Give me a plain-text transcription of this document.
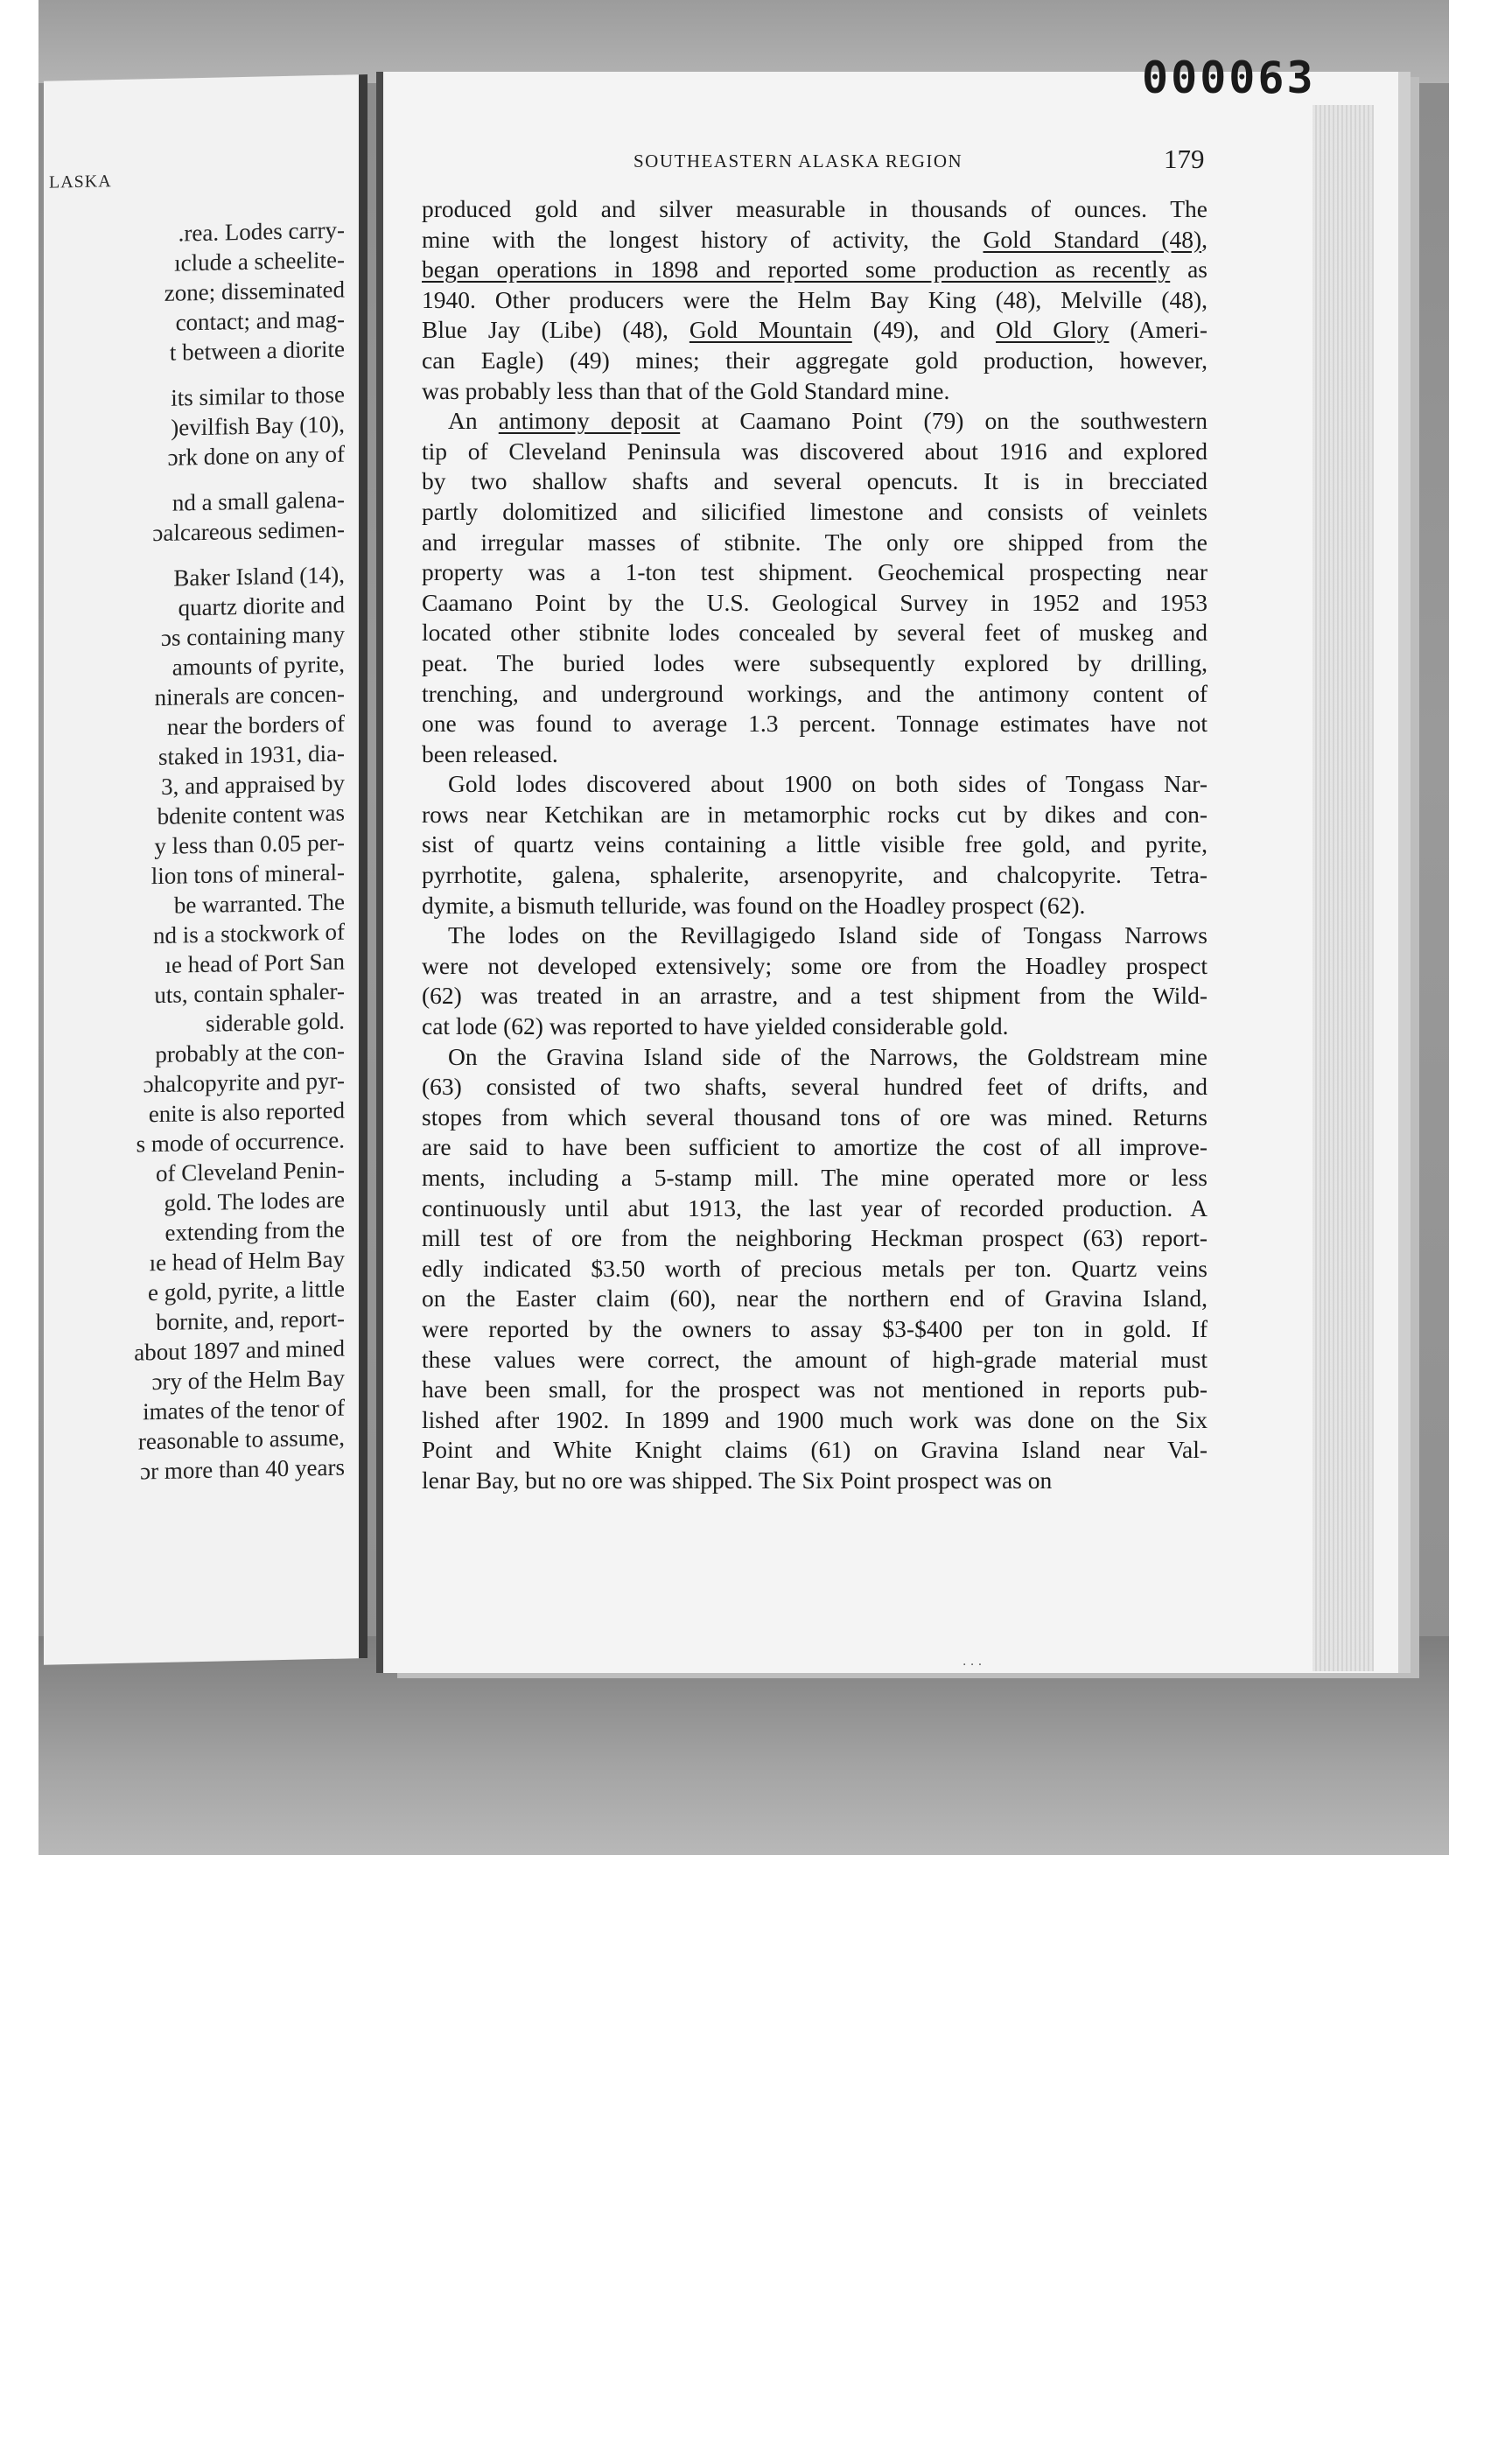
LASKA
.rea. Lodes carry-
ıclude a scheelite-
zone; disseminated
contact; and mag-
t between a diorite
its similar to those
)evilfish Bay (10),
ɔrk done on any of
nd a small galena-
ɔalcareous sedimen-
Baker Island (14),
quartz diorite and
ɔs containing many
amounts of pyrite,
ninerals are concen-
near the borders of
staked in 1931, dia-
3, and appraised by
bdenite content was
y less than 0.05 per-
lion tons of mineral-
be warranted. The
nd is a stockwork of
ıe head of Port San
uts, contain sphaler-
siderable gold.
probably at the con-
ɔhalcopyrite and pyr-
enite is also reported
s mode of occurrence.
of Cleveland Penin-
gold. The lodes are
extending from the
ıe head of Helm Bay
e gold, pyrite, a little
bornite, and, report-
about 1897 and mined
ɔry of the Helm Bay
imates of the tenor of
reasonable to assume,
ɔr more than 40 years
000063
SOUTHEASTERN ALASKA REGION	179
produced gold and silver measurable in thousands of ounces. The
mine with the longest history of activity, the Gold Standard (48),
began operations in 1898 and reported some production as recently as
1940. Other producers were the Helm Bay King (48), Melville (48),
Blue Jay (Libe) (48), Gold Mountain (49), and Old Glory (Ameri-
can Eagle) (49) mines; their aggregate gold production, however,
was probably less than that of the Gold Standard mine.
An antimony deposit at Caamano Point (79) on the southwestern
tip of Cleveland Peninsula was discovered about 1916 and explored
by two shallow shafts and several opencuts. It is in brecciated
partly dolomitized and silicified limestone and consists of veinlets
and irregular masses of stibnite. The only ore shipped from the
property was a 1-ton test shipment. Geochemical prospecting near
Caamano Point by the U.S. Geological Survey in 1952 and 1953
located other stibnite lodes concealed by several feet of muskeg and
peat. The buried lodes were subsequently explored by drilling,
trenching, and underground workings, and the antimony content of
one was found to average 1.3 percent. Tonnage estimates have not
been released.
Gold lodes discovered about 1900 on both sides of Tongass Nar-
rows near Ketchikan are in metamorphic rocks cut by dikes and con-
sist of quartz veins containing a little visible free gold, and pyrite,
pyrrhotite, galena, sphalerite, arsenopyrite, and chalcopyrite. Tetra-
dymite, a bismuth telluride, was found on the Hoadley prospect (62).
The lodes on the Revillagigedo Island side of Tongass Narrows
were not developed extensively; some ore from the Hoadley prospect
(62) was treated in an arrastre, and a test shipment from the Wild-
cat lode (62) was reported to have yielded considerable gold.
On the Gravina Island side of the Narrows, the Goldstream mine
(63) consisted of two shafts, several hundred feet of drifts, and
stopes from which several thousand tons of ore was mined. Returns
are said to have been sufficient to amortize the cost of all improve-
ments, including a 5-stamp mill. The mine operated more or less
continuously until abut 1913, the last year of recorded production. A
mill test of ore from the neighboring Heckman prospect (63) report-
edly indicated $3.50 worth of precious metals per ton. Quartz veins
on the Easter claim (60), near the northern end of Gravina Island,
were reported by the owners to assay $3-$400 per ton in gold. If
these values were correct, the amount of high-grade material must
have been small, for the prospect was not mentioned in reports pub-
lished after 1902. In 1899 and 1900 much work was done on the Six
Point and White Knight claims (61) on Gravina Island near Val-
lenar Bay, but no ore was shipped. The Six Point prospect was on
· · ·
